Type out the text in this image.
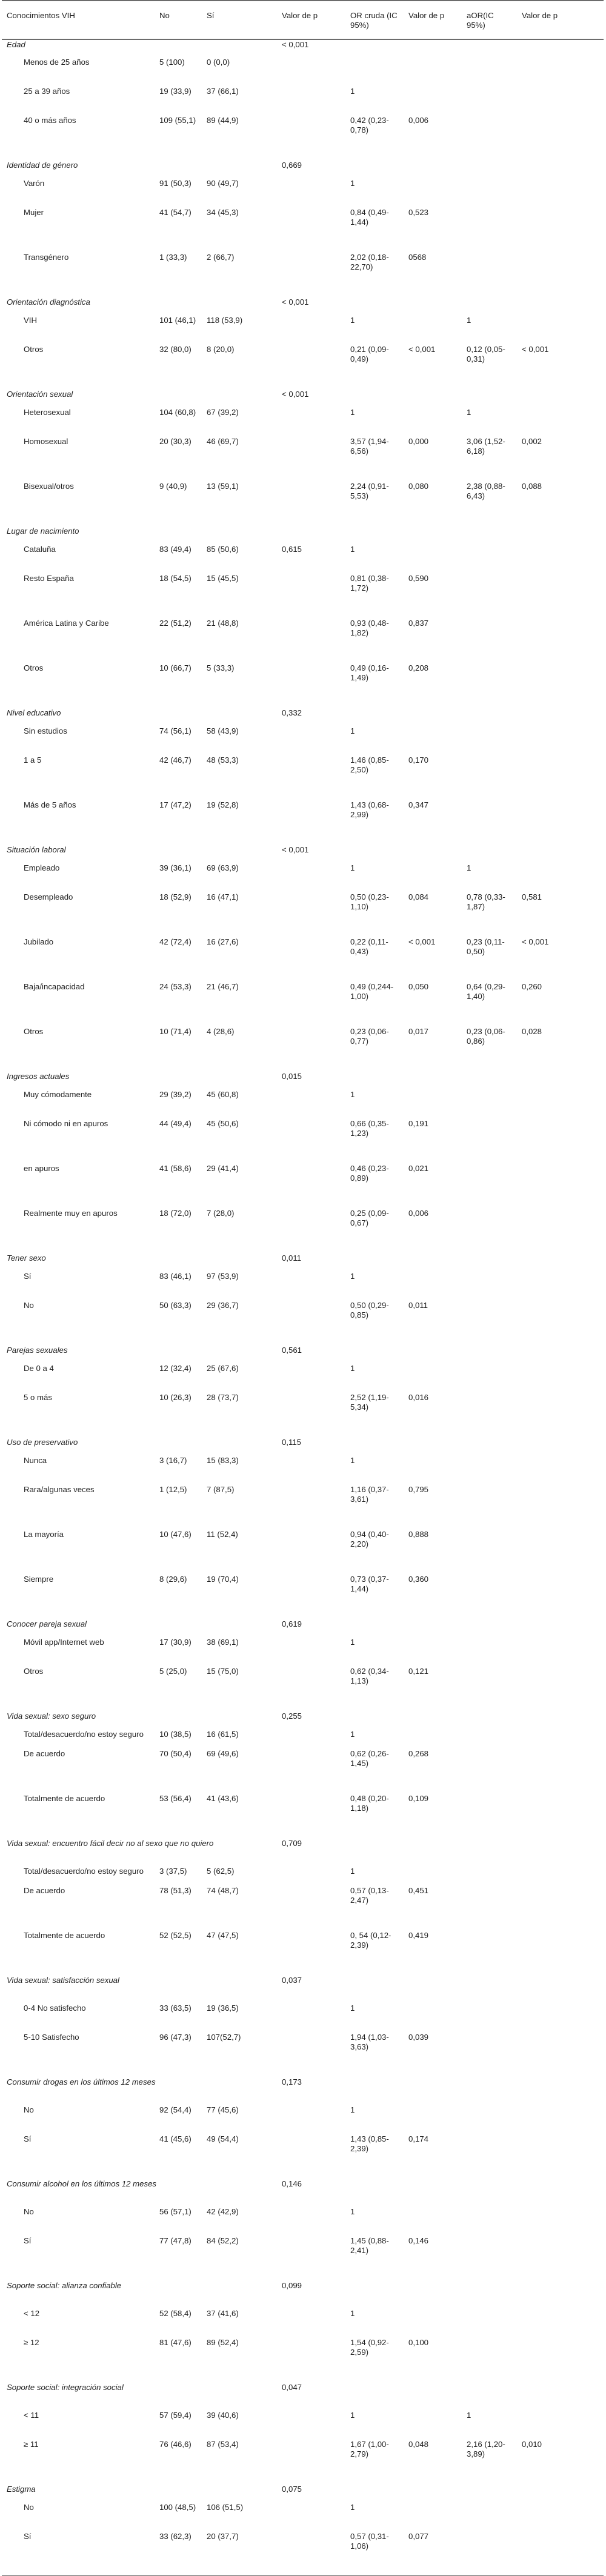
Conocimientos VIH	No	Sí	Valor de p	OR cruda (IC 95%)	Valor de p	aOR(IC 95%)	Valor de p
Edad			< 0,001				
Menos de 25 años	5 (100)	0 (0,0)					
25 a 39 años	19 (33,9)	37 (66,1)		1			
40 o más años	109 (55,1)	89 (44,9)		0,42 (0,23-0,78)	0,006		
Identidad de género			0,669				
Varón	91 (50,3)	90 (49,7)		1			
Mujer	41 (54,7)	34 (45,3)		0,84 (0,49-1,44)	0,523		
Transgénero	1 (33,3)	2 (66,7)		2,02 (0,18-22,70)	0568		
Orientación diagnóstica			< 0,001				
VIH	101 (46,1)	118 (53,9)		1		1	
Otros	32 (80,0)	8 (20,0)		0,21 (0,09-0,49)	< 0,001	0,12 (0,05-0,31)	< 0,001
Orientación sexual			< 0,001				
Heterosexual	104 (60,8)	67 (39,2)		1		1	
Homosexual	20 (30,3)	46 (69,7)		3,57 (1,94-6,56)	0,000	3,06 (1,52-6,18)	0,002
Bisexual/otros	9 (40,9)	13 (59,1)		2,24 (0,91-5,53)	0,080	2,38 (0,88-6,43)	0,088
Lugar de nacimiento							
Cataluña	83 (49,4)	85 (50,6)	0,615	1			
Resto España	18 (54,5)	15 (45,5)		0,81 (0,38-1,72)	0,590		
América Latina y Caribe	22 (51,2)	21 (48,8)		0,93 (0,48-1,82)	0,837		
Otros	10 (66,7)	5 (33,3)		0,49 (0,16-1,49)	0,208		
Nivel educativo			0,332				
Sin estudios	74 (56,1)	58 (43,9)		1			
1 a 5	42 (46,7)	48 (53,3)		1,46 (0,85-2,50)	0,170		
Más de 5 años	17 (47,2)	19 (52,8)		1,43 (0,68-2,99)	0,347		
Situación laboral			< 0,001				
Empleado	39 (36,1)	69 (63,9)		1		1	
Desempleado	18 (52,9)	16 (47,1)		0,50 (0,23-1,10)	0,084	0,78 (0,33-1,87)	0,581
Jubilado	42 (72,4)	16 (27,6)		0,22 (0,11-0,43)	< 0,001	0,23 (0,11-0,50)	< 0,001
Baja/incapacidad	24 (53,3)	21 (46,7)		0,49 (0,244-1,00)	0,050	0,64 (0,29-1,40)	0,260
Otros	10 (71,4)	4 (28,6)		0,23 (0,06-0,77)	0,017	0,23 (0,06-0,86)	0,028
Ingresos actuales			0,015				
Muy cómodamente	29 (39,2)	45 (60,8)		1			
Ni cómodo ni en apuros	44 (49,4)	45 (50,6)		0,66 (0,35-1,23)	0,191		
en apuros	41 (58,6)	29 (41,4)		0,46 (0,23-0,89)	0,021		
Realmente muy en apuros	18 (72,0)	7 (28,0)		0,25 (0,09-0,67)	0,006		
Tener sexo			0,011				
Sí	83 (46,1)	97 (53,9)		1			
No	50 (63,3)	29 (36,7)		0,50 (0,29-0,85)	0,011		
Parejas sexuales			0,561				
De 0 a 4	12 (32,4)	25 (67,6)		1			
5 o más	10 (26,3)	28 (73,7)		2,52 (1,19-5,34)	0,016		
Uso de preservativo			0,115				
Nunca	3 (16,7)	15 (83,3)		1			
Rara/algunas veces	1 (12,5)	7 (87,5)		1,16 (0,37-3,61)	0,795		
La mayoría	10 (47,6)	11 (52,4)		0,94 (0,40-2,20)	0,888		
Siempre	8 (29,6)	19 (70,4)		0,73 (0,37-1,44)	0,360		
Conocer pareja sexual			0,619				
Móvil app/Internet web	17 (30,9)	38 (69,1)		1			
Otros	5 (25,0)	15 (75,0)		0,62 (0,34-1,13)	0,121		
Vida sexual: sexo seguro			0,255				
Total/desacuerdo/no estoy seguro	10 (38,5)	16 (61,5)		1			
De acuerdo	70 (50,4)	69 (49,6)		0,62 (0,26-1,45)	0,268		
Totalmente de acuerdo	53 (56,4)	41 (43,6)		0,48 (0,20-1,18)	0,109		
Vida sexual: encuentro fácil decir no al sexo que no quiero			0,709				
Total/desacuerdo/no estoy seguro	3 (37,5)	5 (62,5)		1			
De acuerdo	78 (51,3)	74 (48,7)		0,57 (0,13-2,47)	0,451		
Totalmente de acuerdo	52 (52,5)	47 (47,5)		0, 54 (0,12-2,39)	0,419		
Vida sexual: satisfacción sexual			0,037				
0-4 No satisfecho	33 (63,5)	19 (36,5)		1			
5-10 Satisfecho	96 (47,3)	107(52,7)		1,94 (1,03-3,63)	0,039		
Consumir drogas en los últimos 12 meses			0,173				
No	92 (54,4)	77 (45,6)		1			
Sí	41 (45,6)	49 (54,4)		1,43 (0,85-2,39)	0,174		
Consumir alcohol en los últimos 12 meses			0,146				
No	56 (57,1)	42 (42,9)		1			
Sí	77 (47,8)	84 (52,2)		1,45 (0,88-2,41)	0,146		
Soporte social: alianza confiable			0,099				
< 12	52 (58,4)	37 (41,6)		1			
≥ 12	81 (47,6)	89 (52,4)		1,54 (0,92-2,59)	0,100		
Soporte social: integración social			0,047				
< 11	57 (59,4)	39 (40,6)		1		1	
≥ 11	76 (46,6)	87 (53,4)		1,67 (1,00-2,79)	0,048	2,16 (1,20-3,89)	0,010
Estigma			0,075				
No	100 (48,5)	106 (51,5)		1			
Sí	33 (62,3)	20 (37,7)		0,57 (0,31-1,06)	0,077		
